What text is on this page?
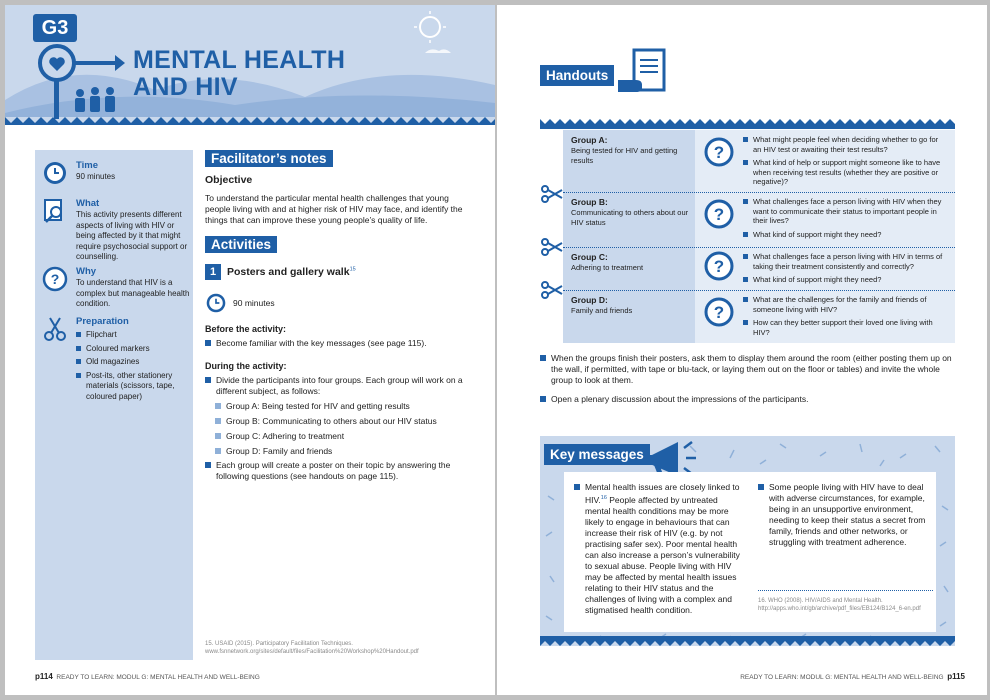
G3
MENTAL HEALTH
AND HIV
Time
90 minutes
What
This activity presents different aspects of living with HIV or being affected by it that might require psychosocial support or counselling.
? Why
To understand that HIV is a complex but manageable health condition.
Preparation
Flipchart
Coloured markers
Old magazines
Post-its, other stationery materials (scissors, tape, coloured paper)
Facilitator’s notes
Objective
To understand the particular mental health challenges that young people living with and at higher risk of HIV may face, and identify the things that can improve these young people’s quality of life.
Activities
1 Posters and gallery walk$^{15}$
90 minutes
Before the activity:
Become familiar with the key messages (see page 115).
During the activity:
Divide the participants into four groups. Each group will work on a different subject, as follows:
Group A: Being tested for HIV and getting results
Group B: Communicating to others about our HIV status
Group C: Adhering to treatment
Group D: Family and friends
Each group will create a poster on their topic by answering the following questions (see handouts on page 115).
15. USAID (2015). Participatory Facilitation Techniques. www.fsnnetwork.org/sites/default/files/Facilitation%20Workshop%20Handout.pdf
p114 READY TO LEARN: MODUL G: MENTAL HEALTH AND WELL-BEING
Handouts
Group A:
Being tested for HIV and getting results	?
What might people feel when deciding whether to go for an HIV test or awaiting their test results?
What kind of help or support might someone like to have when receiving test results (whether they are positive or negative)?
Group B:
Communicating to others about our HIV status	?
What challenges face a person living with HIV when they want to communicate their status to important people in their lives?
What kind of support might they need?
Group C:
Adhering to treatment	?
What challenges face a person living with HIV in terms of taking their treatment consistently and correctly?
What kind of support might they need?
Group D:
Family and friends	?
What are the challenges for the family and friends of someone living with HIV?
How can they better support their loved one living with HIV?
When the groups finish their posters, ask them to display them around the room (either posting them up on the wall, if permitted, with tape or blu-tack, or laying them out on the floor or tables) and invite the whole group to look at them.
Open a plenary discussion about the impressions of the participants.
Key messages
Mental health issues are closely linked to HIV.$^{16}$ People affected by untreated mental health conditions may be more likely to engage in behaviours that can increase their risk of HIV (e.g. by not practising safer sex). Poor mental health can also increase a person’s vulnerability to sexual abuse. People living with HIV may be affected by mental health issues relating to their HIV status and the challenges of living with a complex and stigmatised health condition.
Some people living with HIV have to deal with adverse circumstances, for example, being in an unsupportive environment, needing to keep their status a secret from family, friends and other networks, or struggling with treatment adherence.
16. WHO (2008). HIV/AIDS and Mental Health. http://apps.who.int/gb/archive/pdf_files/EB124/B124_6-en.pdf
READY TO LEARN: MODUL G: MENTAL HEALTH AND WELL-BEING p115
